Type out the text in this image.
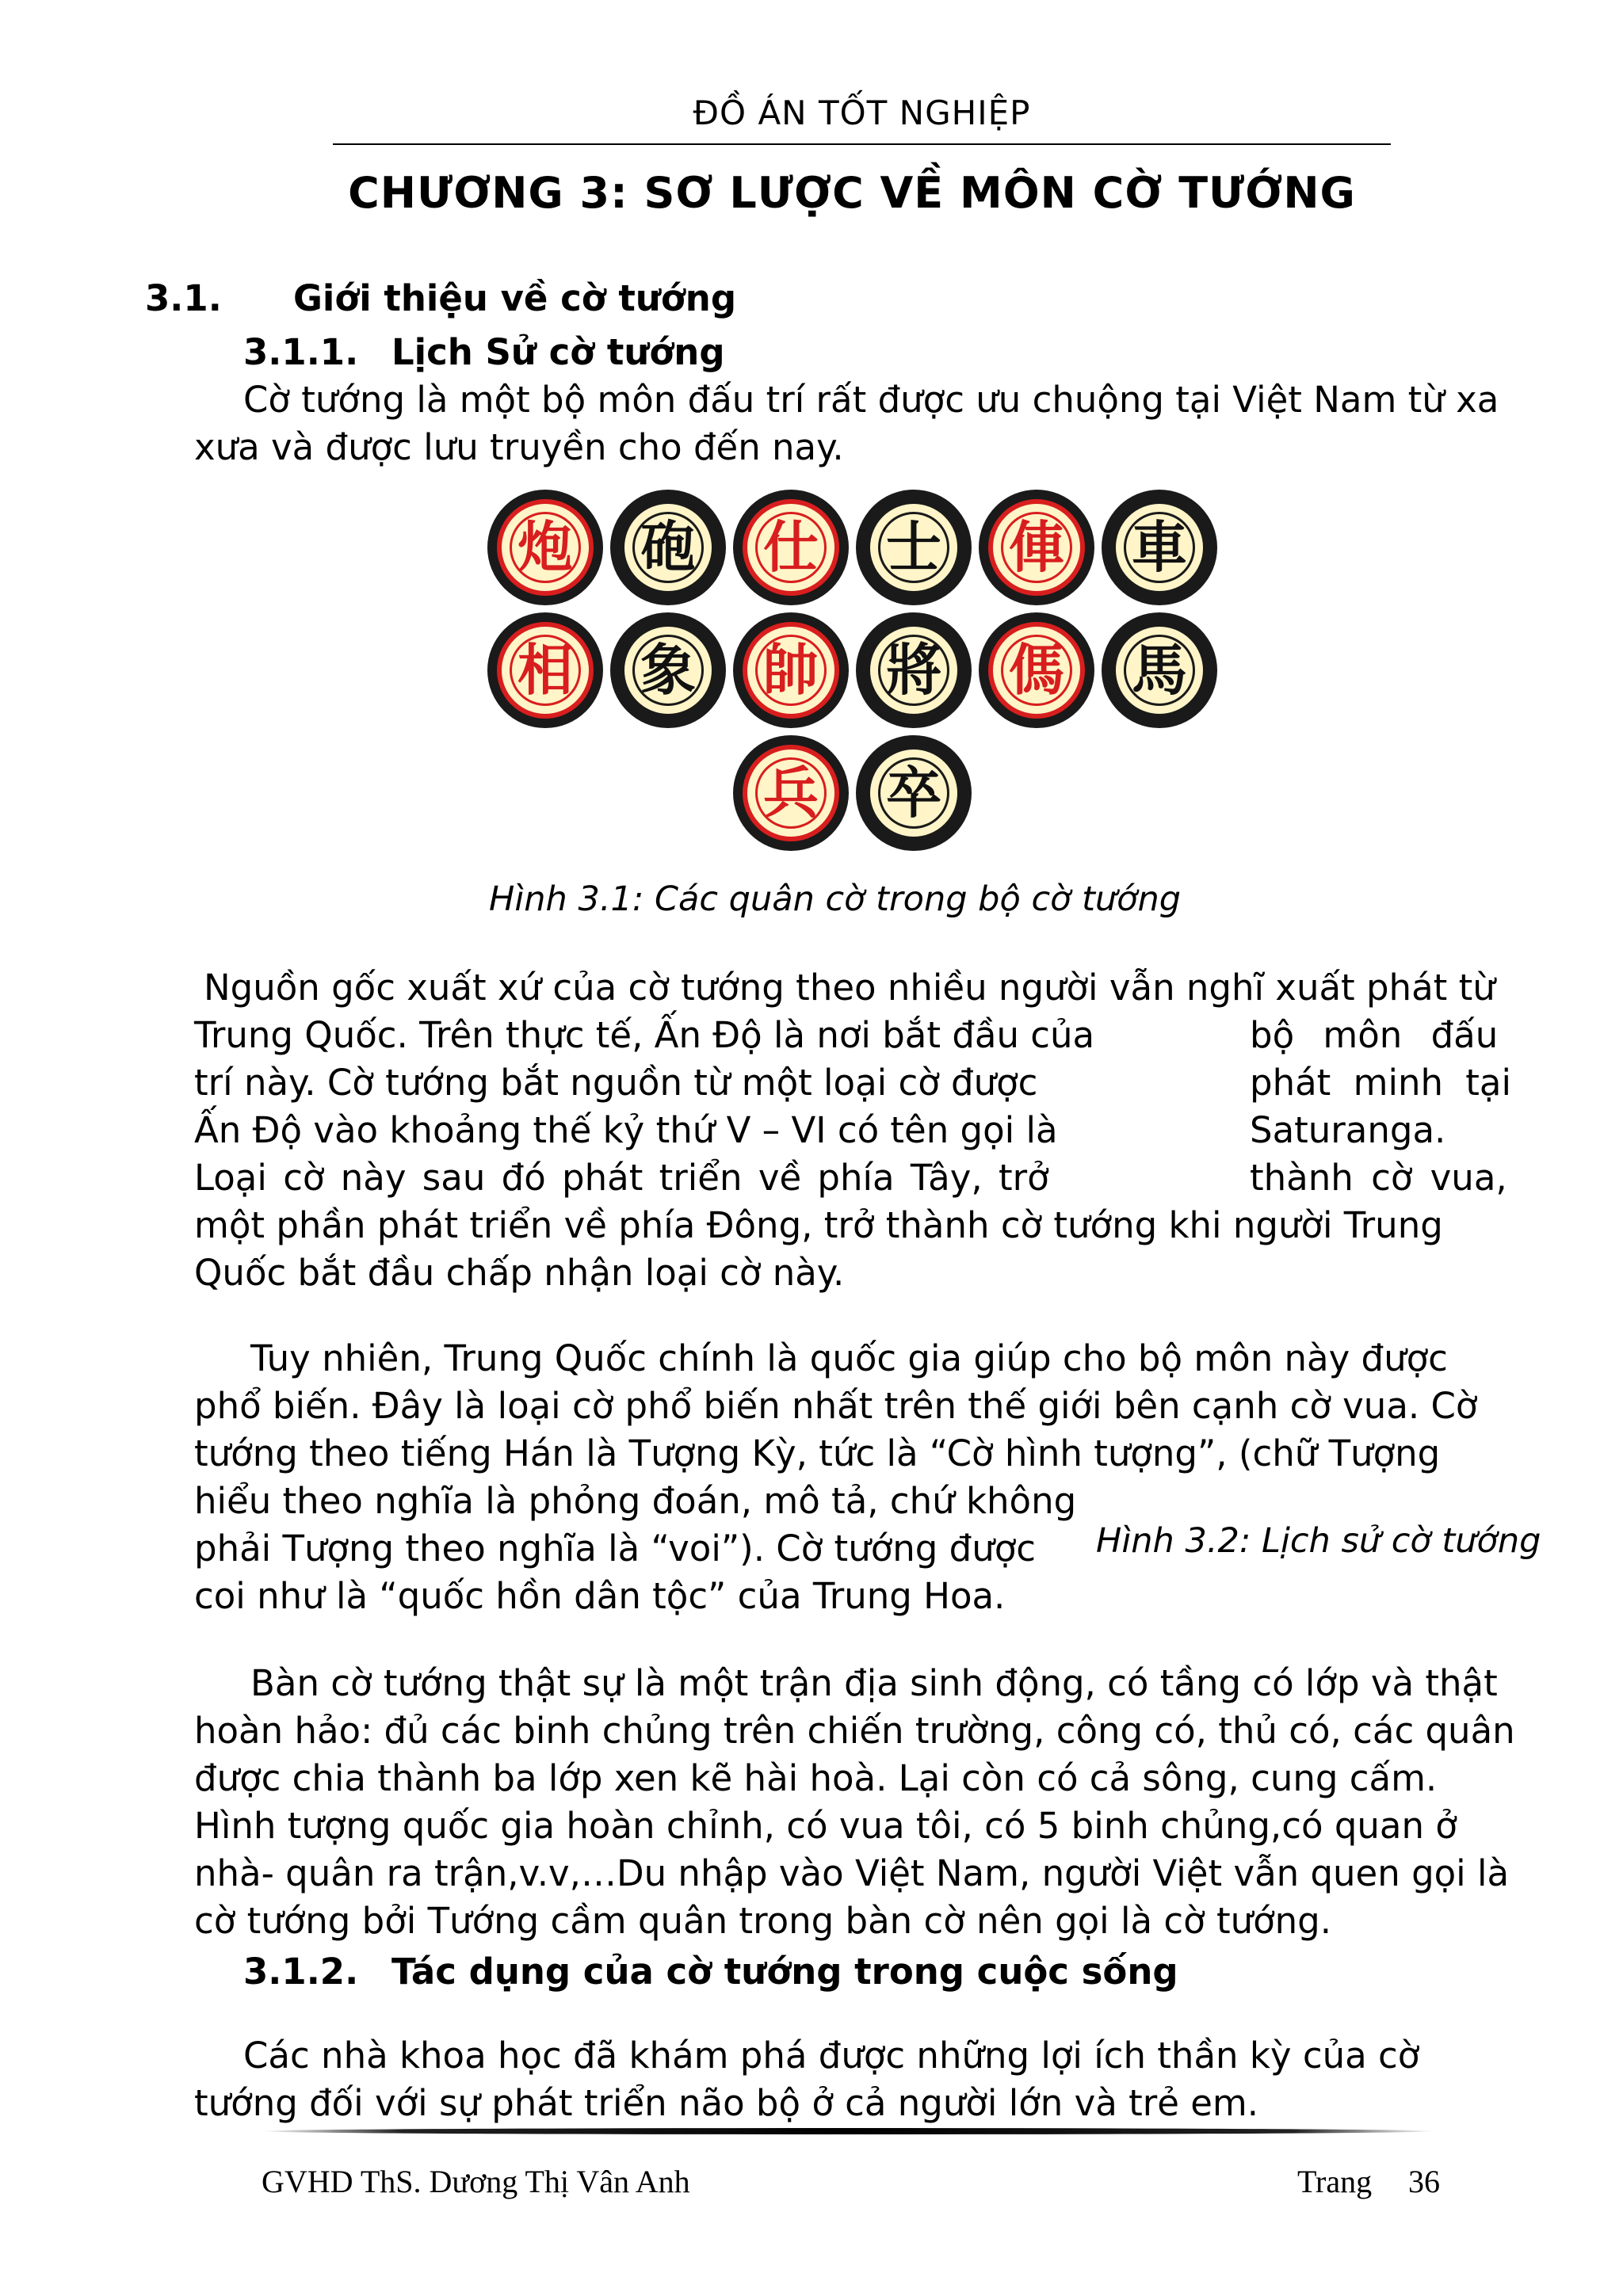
ĐỒ ÁN TỐT NGHIỆP
CHƯƠNG 3: SƠ LƯỢC VỀ MÔN CỜ TƯỚNG
3.1. Giới thiệu về cờ tướng
3.1.1. Lịch Sử cờ tướng
Cờ tướng là một bộ môn đấu trí rất được ưu chuộng tại Việt Nam từ xa
xưa và được lưu truyền cho đến nay.
炮 砲 仕 士 俥 車
相 象 帥 將 傌 馬
兵 卒
Hình 3.1: Các quân cờ trong bộ cờ tướng
Nguồn gốc xuất xứ của cờ tướng theo nhiều người vẫn nghĩ xuất phát từ
Trung Quốc. Trên thực tế, Ấn Độ là nơi bắt đầu của	bộ môn đấu
trí này. Cờ tướng bắt nguồn từ một loại cờ được	phát minh tại
Ấn Độ vào khoảng thế kỷ thứ V – VI có tên gọi là	Saturanga.
Loại cờ này sau đó phát triển về phía Tây, trở	thành cờ vua,
một phần phát triển về phía Đông, trở thành cờ tướng khi người Trung
Quốc bắt đầu chấp nhận loại cờ này.
Tuy nhiên, Trung Quốc chính là quốc gia giúp cho bộ môn này được
phổ biến. Đây là loại cờ phổ biến nhất trên thế giới bên cạnh cờ vua. Cờ
tướng theo tiếng Hán là Tượng Kỳ, tức là “Cờ hình tượng”, (chữ Tượng
hiểu theo nghĩa là phỏng đoán, mô tả, chứ không
phải Tượng theo nghĩa là “voi”). Cờ tướng được
coi như là “quốc hồn dân tộc” của Trung Hoa.
Hình 3.2: Lịch sử cờ tướng
Bàn cờ tướng thật sự là một trận địa sinh động, có tầng có lớp và thật
hoàn hảo: đủ các binh chủng trên chiến trường, công có, thủ có, các quân
được chia thành ba lớp xen kẽ hài hoà. Lại còn có cả sông, cung cấm.
Hình tượng quốc gia hoàn chỉnh, có vua tôi, có 5 binh chủng,có quan ở
nhà- quân ra trận,v.v,…Du nhập vào Việt Nam, người Việt vẫn quen gọi là
cờ tướng bởi Tướng cầm quân trong bàn cờ nên gọi là cờ tướng.
3.1.2. Tác dụng của cờ tướng trong cuộc sống
Các nhà khoa học đã khám phá được những lợi ích thần kỳ của cờ
tướng đối với sự phát triển não bộ ở cả người lớn và trẻ em.
GVHD ThS. Dương Thị Vân Anh	Trang 36
